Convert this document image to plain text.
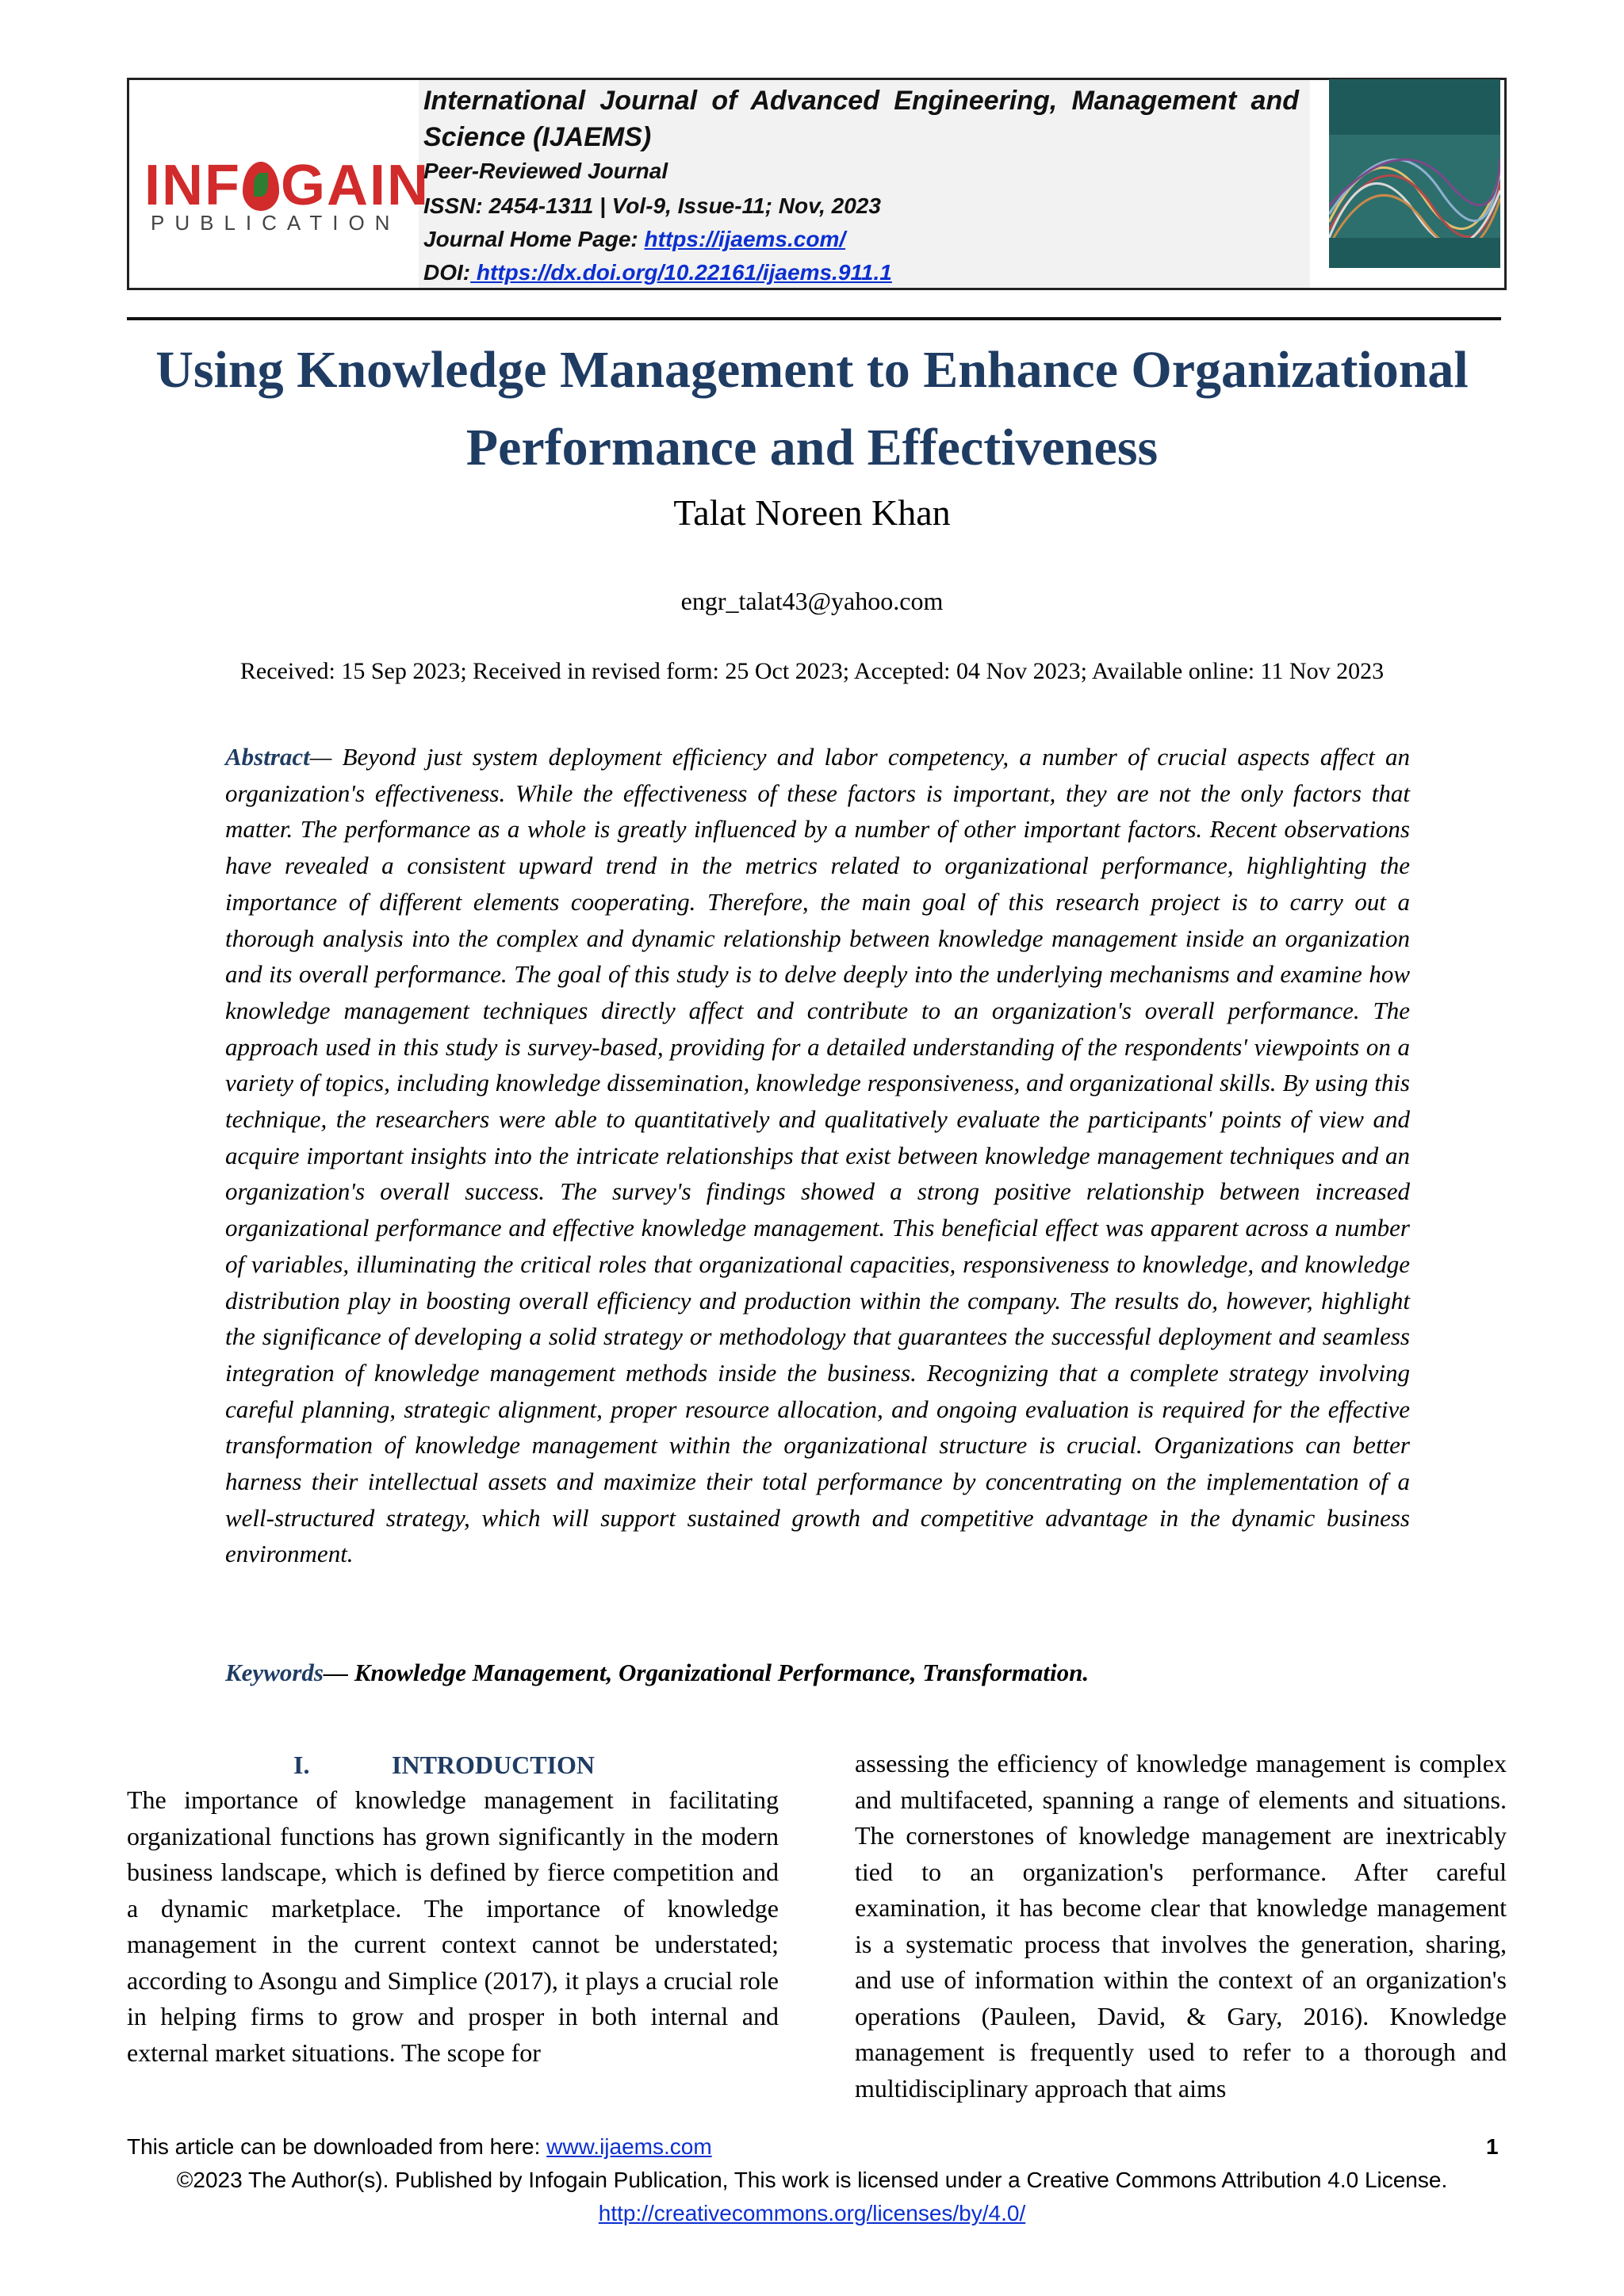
INF GAIN
PUBLICATION
International Journal of Advanced Engineering, Management and
Science (IJAEMS)
Peer-Reviewed Journal
ISSN: 2454-1311 | Vol-9, Issue-11; Nov, 2023
Journal Home Page: https://ijaems.com/
DOI: https://dx.doi.org/10.22161/ijaems.911.1
Using Knowledge Management to Enhance Organizational
Performance and Effectiveness
Talat Noreen Khan
engr_talat43@yahoo.com
Received: 15 Sep 2023; Received in revised form: 25 Oct 2023; Accepted: 04 Nov 2023; Available online: 11 Nov 2023
Abstract— Beyond just system deployment efficiency and labor competency, a number of crucial aspects affect an organization's effectiveness. While the effectiveness of these factors is important, they are not the only factors that matter. The performance as a whole is greatly influenced by a number of other important factors. Recent observations have revealed a consistent upward trend in the metrics related to organizational performance, highlighting the importance of different elements cooperating. Therefore, the main goal of this research project is to carry out a thorough analysis into the complex and dynamic relationship between knowledge management inside an organization and its overall performance. The goal of this study is to delve deeply into the underlying mechanisms and examine how knowledge management techniques directly affect and contribute to an organization's overall performance. The approach used in this study is survey-based, providing for a detailed understanding of the respondents' viewpoints on a variety of topics, including knowledge dissemination, knowledge responsiveness, and organizational skills. By using this technique, the researchers were able to quantitatively and qualitatively evaluate the participants' points of view and acquire important insights into the intricate relationships that exist between knowledge management techniques and an organization's overall success. The survey's findings showed a strong positive relationship between increased organizational performance and effective knowledge management. This beneficial effect was apparent across a number of variables, illuminating the critical roles that organizational capacities, responsiveness to knowledge, and knowledge distribution play in boosting overall efficiency and production within the company. The results do, however, highlight the significance of developing a solid strategy or methodology that guarantees the successful deployment and seamless integration of knowledge management methods inside the business. Recognizing that a complete strategy involving careful planning, strategic alignment, proper resource allocation, and ongoing evaluation is required for the effective transformation of knowledge management within the organizational structure is crucial. Organizations can better harness their intellectual assets and maximize their total performance by concentrating on the implementation of a well-structured strategy, which will support sustained growth and competitive advantage in the dynamic business environment.
Keywords— Knowledge Management, Organizational Performance, Transformation.
I.	INTRODUCTION
The importance of knowledge management in facilitating organizational functions has grown significantly in the modern business landscape, which is defined by fierce competition and a dynamic marketplace. The importance of knowledge management in the current context cannot be understated; according to Asongu and Simplice (2017), it plays a crucial role in helping firms to grow and prosper in both internal and external market situations. The scope for
assessing the efficiency of knowledge management is complex and multifaceted, spanning a range of elements and situations. The cornerstones of knowledge management are inextricably tied to an organization's performance. After careful examination, it has become clear that knowledge management is a systematic process that involves the generation, sharing, and use of information within the context of an organization's operations (Pauleen, David, & Gary, 2016). Knowledge management is frequently used to refer to a thorough and multidisciplinary approach that aims
This article can be downloaded from here: www.ijaems.com	1
©2023 The Author(s). Published by Infogain Publication, This work is licensed under a Creative Commons Attribution 4.0 License.
http://creativecommons.org/licenses/by/4.0/
